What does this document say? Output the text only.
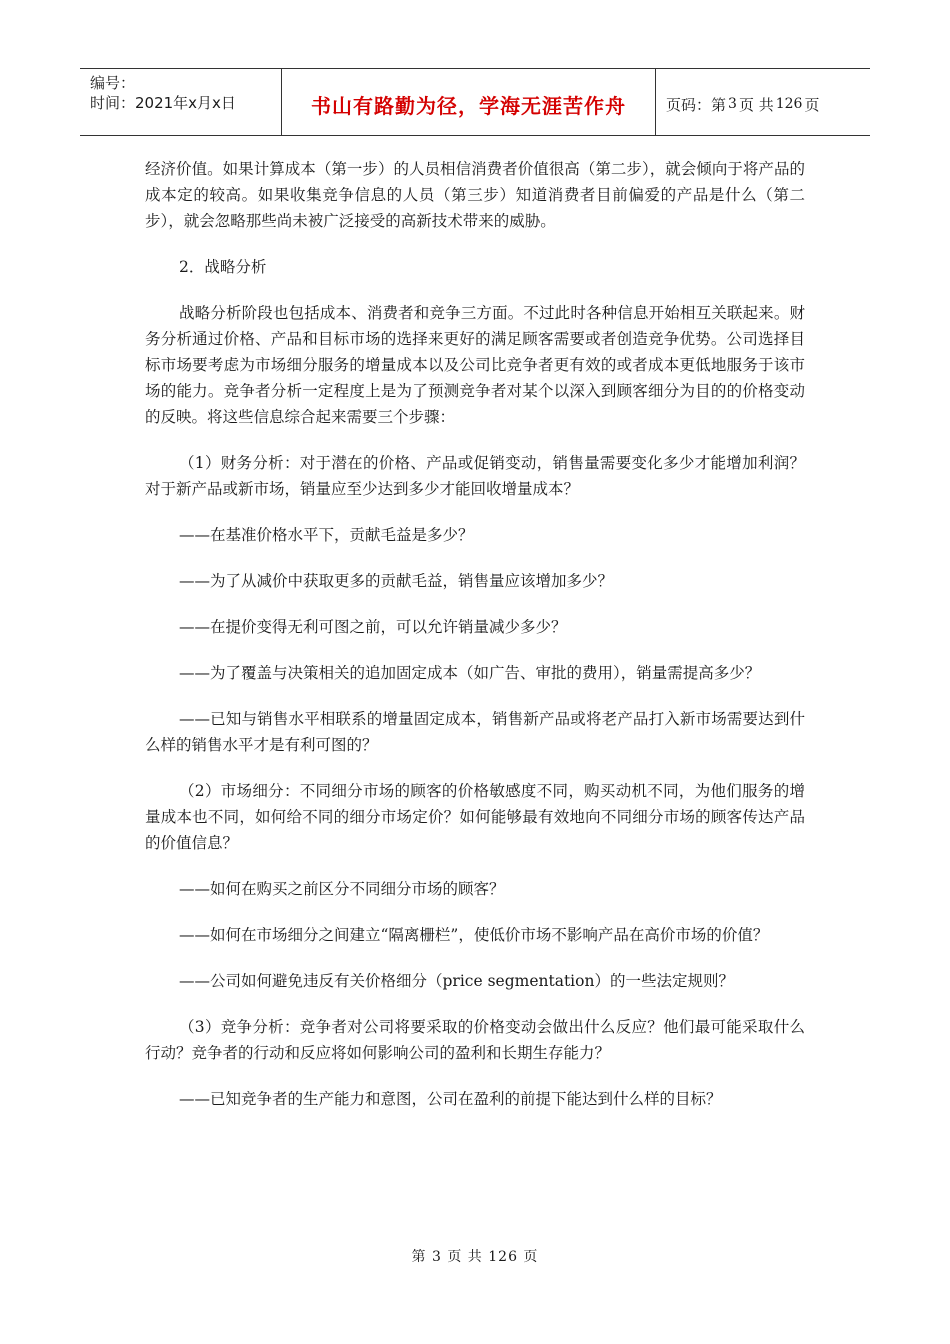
编号：
时间：2021年x月x日	书山有路勤为径，学海无涯苦作舟	页码：第 3 页 共 126 页

经济价值。如果计算成本（第一步）的人员相信消费者价值很高（第二步），就会倾向于将产品的成本定的较高。如果收集竞争信息的人员（第三步）知道消费者目前偏爱的产品是什么（第二步），就会忽略那些尚未被广泛接受的高新技术带来的威胁。

2．战略分析

战略分析阶段也包括成本、消费者和竞争三方面。不过此时各种信息开始相互关联起来。财务分析通过价格、产品和目标市场的选择来更好的满足顾客需要或者创造竞争优势。公司选择目标市场要考虑为市场细分服务的增量成本以及公司比竞争者更有效的或者成本更低地服务于该市场的能力。竞争者分析一定程度上是为了预测竞争者对某个以深入到顾客细分为目的的价格变动的反映。将这些信息综合起来需要三个步骤：

（1）财务分析：对于潜在的价格、产品或促销变动，销售量需要变化多少才能增加利润？对于新产品或新市场，销量应至少达到多少才能回收增量成本？

——在基准价格水平下，贡献毛益是多少？

——为了从减价中获取更多的贡献毛益，销售量应该增加多少？

——在提价变得无利可图之前，可以允许销量减少多少？

——为了覆盖与决策相关的追加固定成本（如广告、审批的费用），销量需提高多少？

——已知与销售水平相联系的增量固定成本，销售新产品或将老产品打入新市场需要达到什么样的销售水平才是有利可图的？

（2）市场细分：不同细分市场的顾客的价格敏感度不同，购买动机不同，为他们服务的增量成本也不同，如何给不同的细分市场定价？如何能够最有效地向不同细分市场的顾客传达产品的价值信息？

——如何在购买之前区分不同细分市场的顾客？

——如何在市场细分之间建立“隔离栅栏”，使低价市场不影响产品在高价市场的价值？

——公司如何避免违反有关价格细分（price segmentation）的一些法定规则？

（3）竞争分析：竞争者对公司将要采取的价格变动会做出什么反应？他们最可能采取什么行动？竞争者的行动和反应将如何影响公司的盈利和长期生存能力？

——已知竞争者的生产能力和意图，公司在盈利的前提下能达到什么样的目标？

第 3 页 共 126 页
